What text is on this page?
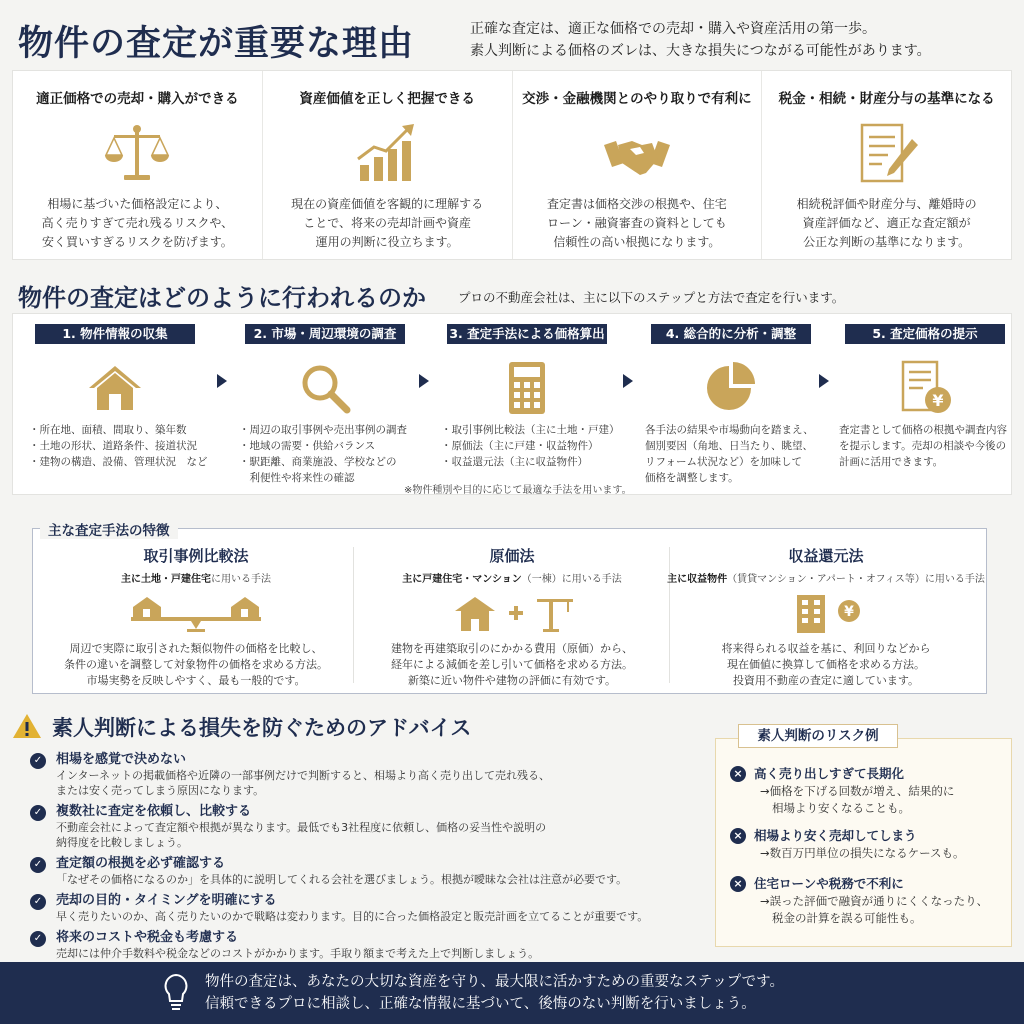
物件の査定が重要な理由	正確な査定は、適正な価格での売却・購入や資産活用の第一歩。
素人判断による価格のズレは、大きな損失につながる可能性があります。
適正価格での売却・購入ができる
相場に基づいた価格設定により、
高く売りすぎて売れ残るリスクや、
安く買いすぎるリスクを防げます。
資産価値を正しく把握できる
現在の資産価値を客観的に理解する
ことで、将来の売却計画や資産
運用の判断に役立ちます。
交渉・金融機関とのやり取りで有利に
査定書は価格交渉の根拠や、住宅
ローン・融資審査の資料としても
信頼性の高い根拠になります。
税金・相続・財産分与の基準になる
相続税評価や財産分与、離婚時の
資産評価など、適正な査定額が
公正な判断の基準になります。
物件の査定はどのように行われるのか	プロの不動産会社は、主に以下のステップと方法で査定を行います。
1. 物件情報の収集
・所在地、面積、間取り、築年数
・土地の形状、道路条件、接道状況
・建物の構造、設備、管理状況　など
2. 市場・周辺環境の調査
・周辺の取引事例や売出事例の調査
・地域の需要・供給バランス
・駅距離、商業施設、学校などの
　利便性や将来性の確認
3. 査定手法による価格算出
・取引事例比較法（主に土地・戸建）
・原価法（主に戸建・収益物件）
・収益還元法（主に収益物件）
4. 総合的に分析・調整
各手法の結果や市場動向を踏まえ、
個別要因（角地、日当たり、眺望、
リフォーム状況など）を加味して
価格を調整します。
5. 査定価格の提示
¥
査定書として価格の根拠や調査内容
を提示します。売却の相談や今後の
計画に活用できます。
※物件種別や目的に応じて最適な手法を用います。
取引事例比較法
主に土地・戸建住宅に用いる手法
周辺で実際に取引された類似物件の価格を比較し、
条件の違いを調整して対象物件の価格を求める方法。
市場実勢を反映しやすく、最も一般的です。
原価法
主に戸建住宅・マンション（一棟）に用いる手法
建物を再建築取引のにかかる費用（原価）から、
経年による減価を差し引いて価格を求める方法。
新築に近い物件や建物の評価に有効です。
収益還元法
主に収益物件（賃貸マンション・アパート・オフィス等）に用いる手法
¥
将来得られる収益を基に、利回りなどから
現在価値に換算して価格を求める方法。
投資用不動産の査定に適しています。
主な査定手法の特徴
素人判断による損失を防ぐためのアドバイス
✓ 相場を感覚で決めない
インターネットの掲載価格や近隣の一部事例だけで判断すると、相場より高く売り出して売れ残る、
または安く売ってしまう原因になります。
✓ 複数社に査定を依頼し、比較する
不動産会社によって査定額や根拠が異なります。最低でも3社程度に依頼し、価格の妥当性や説明の
納得度を比較しましょう。
✓ 査定額の根拠を必ず確認する
「なぜその価格になるのか」を具体的に説明してくれる会社を選びましょう。根拠が曖昧な会社は注意が必要です。
✓ 売却の目的・タイミングを明確にする
早く売りたいのか、高く売りたいのかで戦略は変わります。目的に合った価格設定と販売計画を立てることが重要です。
✓ 将来のコストや税金も考慮する
売却には仲介手数料や税金などのコストがかかります。手取り額まで考えた上で判断しましょう。
× 高く売り出しすぎて長期化
→価格を下げる回数が増え、結果的に
相場より安くなることも。
× 相場より安く売却してしまう
→数百万円単位の損失になるケースも。
× 住宅ローンや税務で不利に
→誤った評価で融資が通りにくくなったり、
税金の計算を誤る可能性も。
素人判断のリスク例
物件の査定は、あなたの大切な資産を守り、最大限に活かすための重要なステップです。
信頼できるプロに相談し、正確な情報に基づいて、後悔のない判断を行いましょう。
